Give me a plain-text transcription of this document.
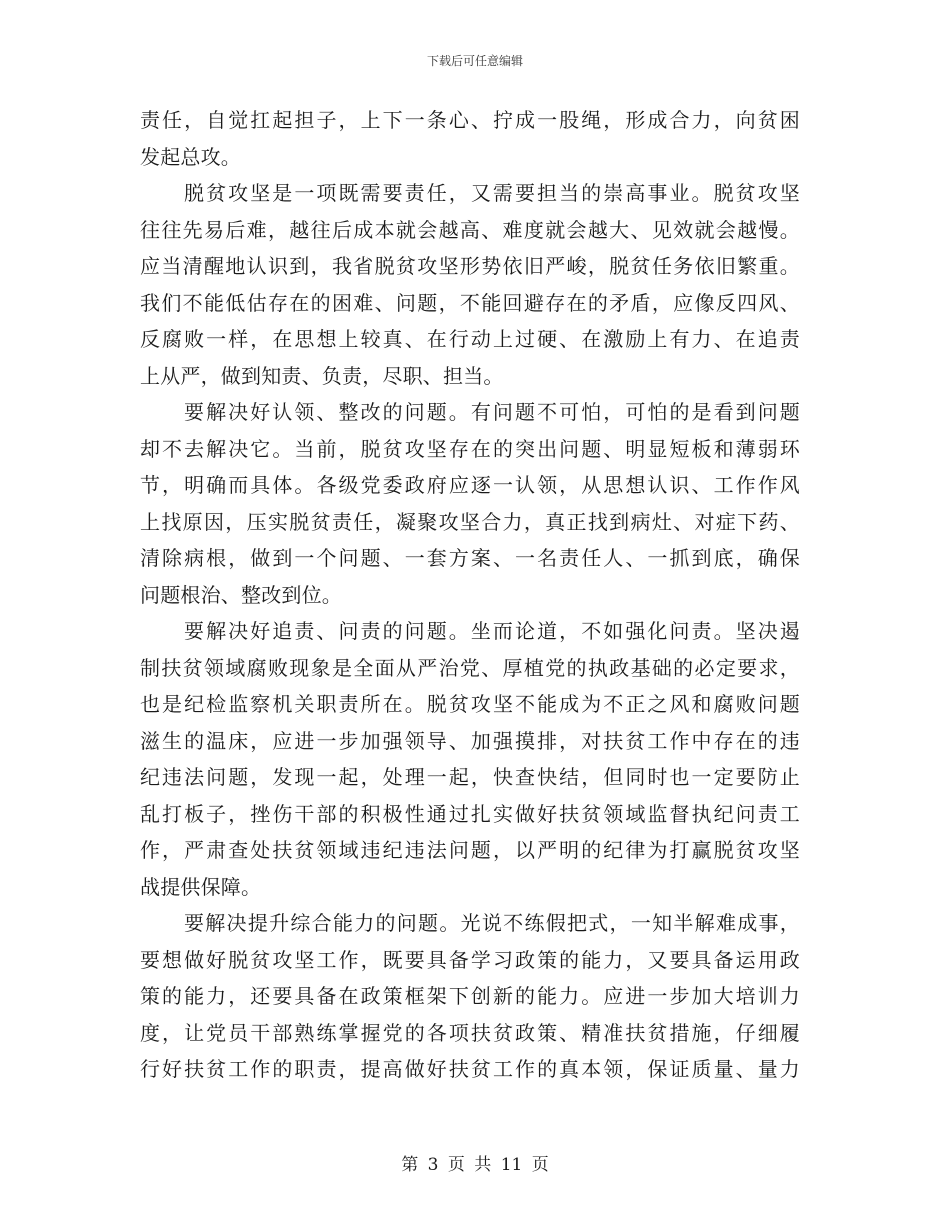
下载后可任意编辑
责任，自觉扛起担子，上下一条心、拧成一股绳，形成合力，向贫困
发起总攻。
脱贫攻坚是一项既需要责任，又需要担当的崇高事业。脱贫攻坚
往往先易后难，越往后成本就会越高、难度就会越大、见效就会越慢。
应当清醒地认识到，我省脱贫攻坚形势依旧严峻，脱贫任务依旧繁重。
我们不能低估存在的困难、问题，不能回避存在的矛盾，应像反四风、
反腐败一样，在思想上较真、在行动上过硬、在激励上有力、在追责
上从严，做到知责、负责，尽职、担当。
要解决好认领、整改的问题。有问题不可怕，可怕的是看到问题
却不去解决它。当前，脱贫攻坚存在的突出问题、明显短板和薄弱环
节，明确而具体。各级党委政府应逐一认领，从思想认识、工作作风
上找原因，压实脱贫责任，凝聚攻坚合力，真正找到病灶、对症下药、
清除病根，做到一个问题、一套方案、一名责任人、一抓到底，确保
问题根治、整改到位。
要解决好追责、问责的问题。坐而论道，不如强化问责。坚决遏
制扶贫领域腐败现象是全面从严治党、厚植党的执政基础的必定要求，
也是纪检监察机关职责所在。脱贫攻坚不能成为不正之风和腐败问题
滋生的温床，应进一步加强领导、加强摸排，对扶贫工作中存在的违
纪违法问题，发现一起，处理一起，快查快结，但同时也一定要防止
乱打板子，挫伤干部的积极性通过扎实做好扶贫领域监督执纪问责工
作，严肃查处扶贫领域违纪违法问题，以严明的纪律为打赢脱贫攻坚
战提供保障。
要解决提升综合能力的问题。光说不练假把式，一知半解难成事，
要想做好脱贫攻坚工作，既要具备学习政策的能力，又要具备运用政
策的能力，还要具备在政策框架下创新的能力。应进一步加大培训力
度，让党员干部熟练掌握党的各项扶贫政策、精准扶贫措施，仔细履
行好扶贫工作的职责，提高做好扶贫工作的真本领，保证质量、量力
第 3 页 共 11 页
